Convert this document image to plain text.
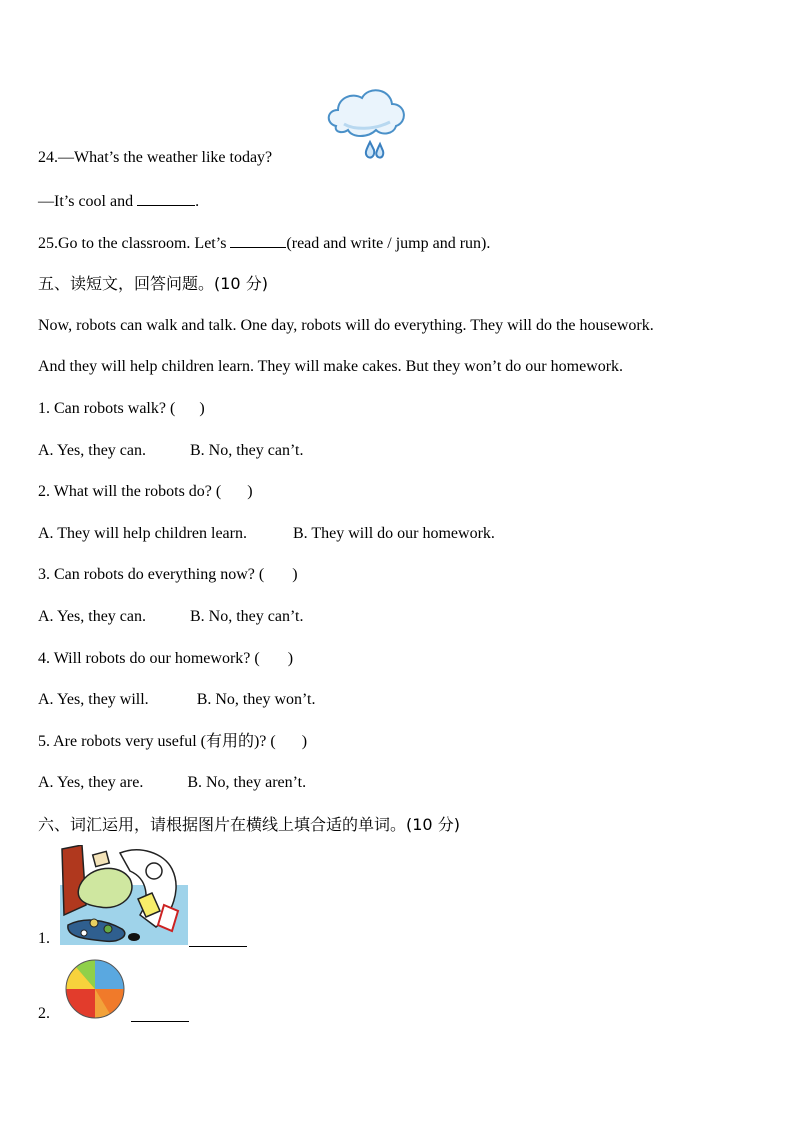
24.—What’s the weather like today?
—It’s cool and	.
25.Go to the classroom. Let’s	(read and write / jump and run).
五、读短文，回答问题。(10 分)
Now, robots can walk and talk. One day, robots will do everything. They will do the housework.
And they will help children learn. They will make cakes. But they won’t do our homework.
1. Can robots walk? ( )
A. Yes, they can.	B. No, they can’t.
2. What will the robots do? ( )
A. They will help children learn.	B. They will do our homework.
3. Can robots do everything now? ( )
A. Yes, they can.	B. No, they can’t.
4. Will robots do our homework? ( )
A. Yes, they will.	B. No, they won’t.
5. Are robots very useful (有用的)? ( )
A. Yes, they are.	B. No, they aren’t.
六、词汇运用，请根据图片在横线上填合适的单词。(10 分)
1.
2.
